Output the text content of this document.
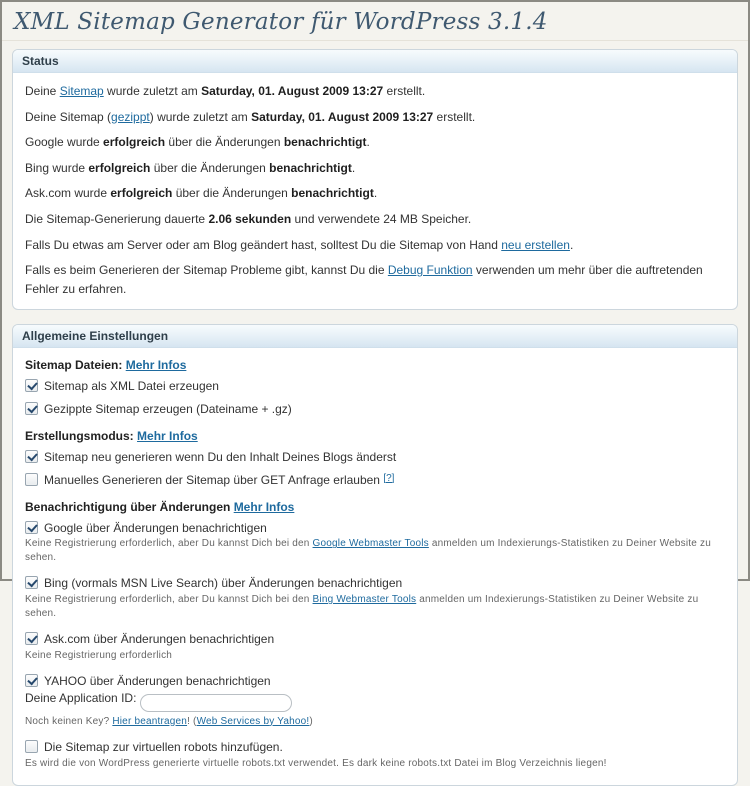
XML Sitemap Generator für WordPress 3.1.4
Status

Deine Sitemap wurde zuletzt am Saturday, 01. August 2009 13:27 erstellt.

Deine Sitemap (gezippt) wurde zuletzt am Saturday, 01. August 2009 13:27 erstellt.

Google wurde erfolgreich über die Änderungen benachrichtigt.

Bing wurde erfolgreich über die Änderungen benachrichtigt.

Ask.com wurde erfolgreich über die Änderungen benachrichtigt.

Die Sitemap-Generierung dauerte 2.06 sekunden und verwendete 24 MB Speicher.

Falls Du etwas am Server oder am Blog geändert hast, solltest Du die Sitemap von Hand neu erstellen.

Falls es beim Generieren der Sitemap Probleme gibt, kannst Du die Debug Funktion verwenden um mehr über die auftretenden Fehler zu erfahren.

Allgemeine Einstellungen
Sitemap Dateien: Mehr Infos
Sitemap als XML Datei erzeugen
Gezippte Sitemap erzeugen (Dateiname + .gz)
Erstellungsmodus: Mehr Infos
Sitemap neu generieren wenn Du den Inhalt Deines Blogs änderst
Manuelles Generieren der Sitemap über GET Anfrage erlauben [?]
Benachrichtigung über Änderungen Mehr Infos
Google über Änderungen benachrichtigen
Keine Registrierung erforderlich, aber Du kannst Dich bei den Google Webmaster Tools anmelden um Indexierungs-Statistiken zu Deiner Website zu sehen.
Bing (vormals MSN Live Search) über Änderungen benachrichtigen
Keine Registrierung erforderlich, aber Du kannst Dich bei den Bing Webmaster Tools anmelden um Indexierungs-Statistiken zu Deiner Website zu sehen.
Ask.com über Änderungen benachrichtigen
Keine Registrierung erforderlich
YAHOO über Änderungen benachrichtigen
Deine Application ID:
Noch keinen Key? Hier beantragen! (Web Services by Yahoo!)
Die Sitemap zur virtuellen robots hinzufügen.
Es wird die von WordPress generierte virtuelle robots.txt verwendet. Es dark keine robots.txt Datei im Blog Verzeichnis liegen!
